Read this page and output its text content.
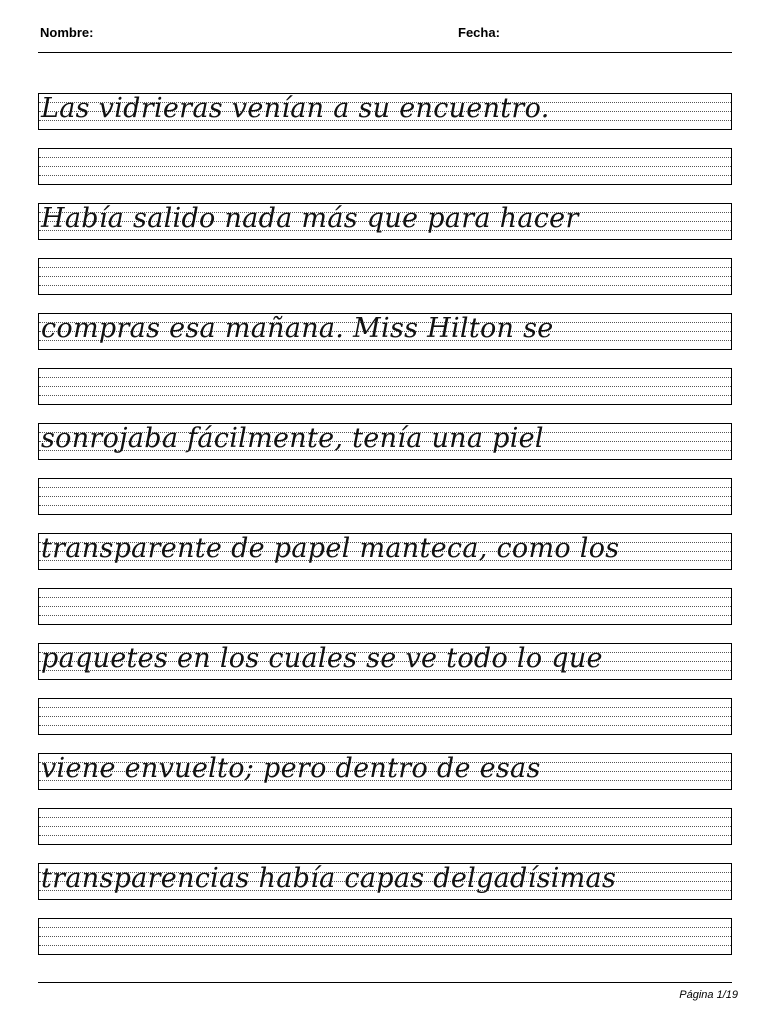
Nombre:	Fecha:
Las vidrieras venían a su encuentro.
Había salido nada más que para hacer
compras esa mañana. Miss Hilton se
sonrojaba fácilmente, tenía una piel
transparente de papel manteca, como los
paquetes en los cuales se ve todo lo que
viene envuelto; pero dentro de esas
transparencias había capas delgadísimas
Página 1/19
